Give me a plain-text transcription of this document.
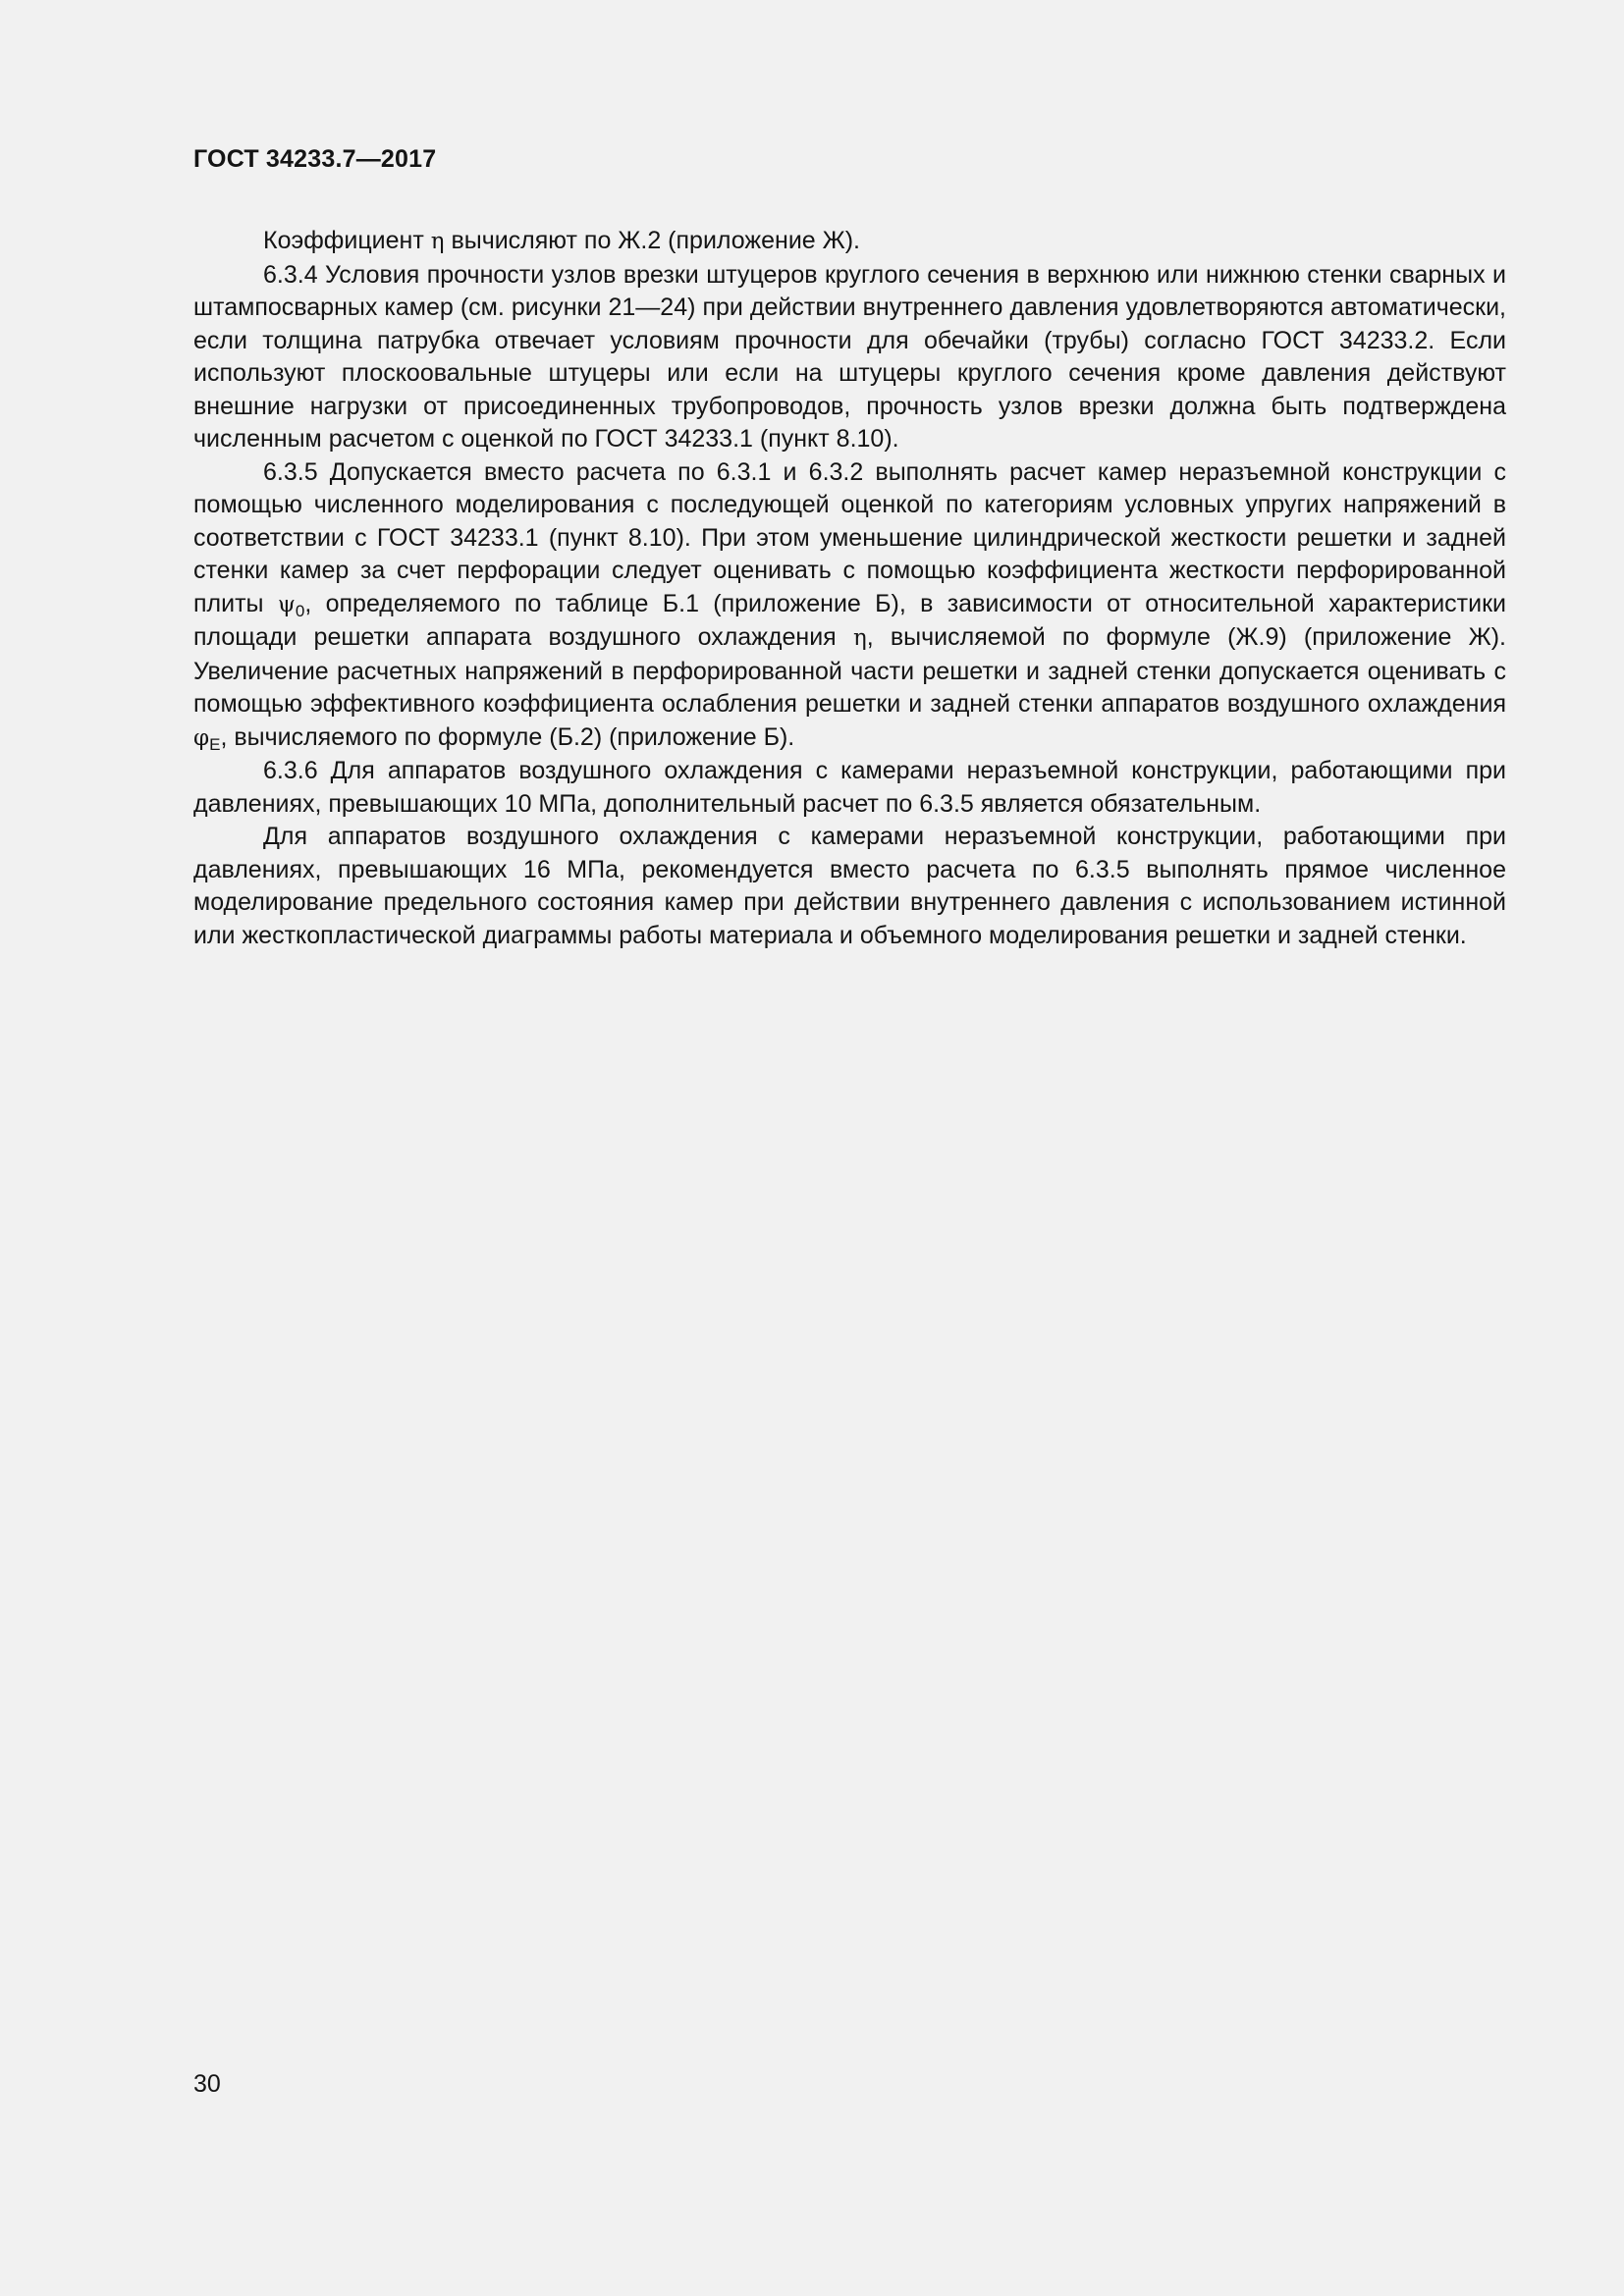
ГОСТ 34233.7—2017

Коэффициент η вычисляют по Ж.2 (приложение Ж).

6.3.4 Условия прочности узлов врезки штуцеров круглого сечения в верхнюю или нижнюю стенки сварных и штампосварных камер (см. рисунки 21—24) при действии внутреннего давления удовлетворяются автоматически, если толщина патрубка отвечает условиям прочности для обечайки (трубы) согласно ГОСТ 34233.2. Если используют плоскоовальные штуцеры или если на штуцеры круглого сечения кроме давления действуют внешние нагрузки от присоединенных трубопроводов, прочность узлов врезки должна быть подтверждена численным расчетом с оценкой по ГОСТ 34233.1 (пункт 8.10).

6.3.5 Допускается вместо расчета по 6.3.1 и 6.3.2 выполнять расчет камер неразъемной конструкции с помощью численного моделирования с последующей оценкой по категориям условных упругих напряжений в соответствии с ГОСТ 34233.1 (пункт 8.10). При этом уменьшение цилиндрической жесткости решетки и задней стенки камер за счет перфорации следует оценивать с помощью коэффициента жесткости перфорированной плиты $\psi_0$, определяемого по таблице Б.1 (приложение Б), в зависимости от относительной характеристики площади решетки аппарата воздушного охлаждения η, вычисляемой по формуле (Ж.9) (приложение Ж). Увеличение расчетных напряжений в перфорированной части решетки и задней стенки допускается оценивать с помощью эффективного коэффициента ослабления решетки и задней стенки аппаратов воздушного охлаждения $\varphi_E$, вычисляемого по формуле (Б.2) (приложение Б).

6.3.6 Для аппаратов воздушного охлаждения с камерами неразъемной конструкции, работающими при давлениях, превышающих 10 МПа, дополнительный расчет по 6.3.5 является обязательным.

Для аппаратов воздушного охлаждения с камерами неразъемной конструкции, работающими при давлениях, превышающих 16 МПа, рекомендуется вместо расчета по 6.3.5 выполнять прямое численное моделирование предельного состояния камер при действии внутреннего давления с использованием истинной или жесткопластической диаграммы работы материала и объемного моделирования решетки и задней стенки.

30
